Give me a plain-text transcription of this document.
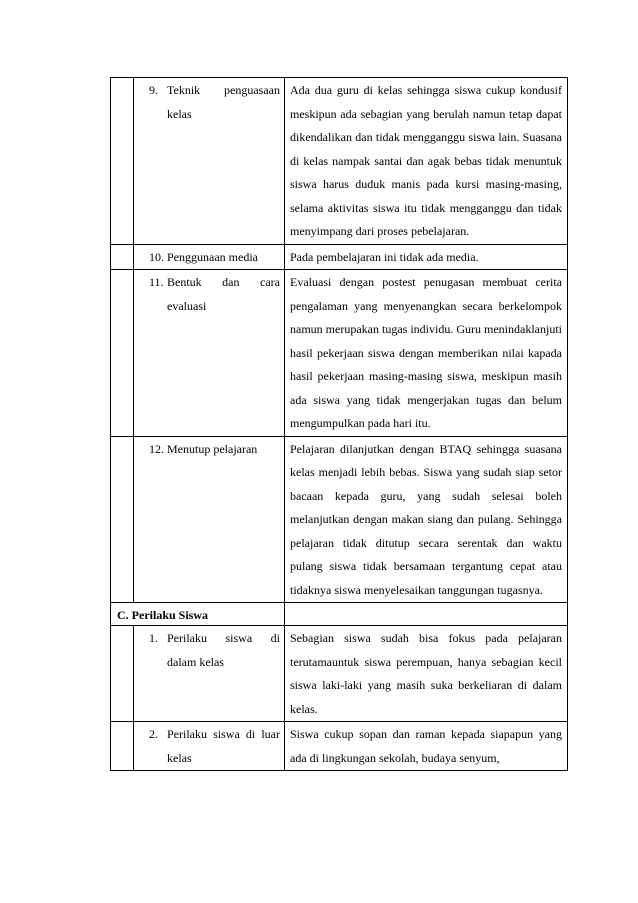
	9. Teknik penguasaan kelas	Ada dua guru di kelas sehingga siswa cukup kondusif meskipun ada sebagian yang berulah namun tetap dapat dikendalikan dan tidak mengganggu siswa lain. Suasana di kelas nampak santai dan agak bebas tidak menuntuk siswa harus duduk manis pada kursi masing-masing, selama aktivitas siswa itu tidak mengganggu dan tidak menyimpang dari proses pebelajaran.

	10. Penggunaan media	Pada pembelajaran ini tidak ada media.

	11. Bentuk dan cara evaluasi	Evaluasi dengan postest penugasan membuat cerita pengalaman yang menyenangkan secara berkelompok namun merupakan tugas individu. Guru menindaklanjuti hasil pekerjaan siswa dengan memberikan nilai kapada hasil pekerjaan masing-masing siswa, meskipun masih ada siswa yang tidak mengerjakan tugas dan belum mengumpulkan pada hari itu.

	12. Menutup pelajaran	Pelajaran dilanjutkan dengan BTAQ sehingga suasana kelas menjadi lebih bebas. Siswa yang sudah siap setor bacaan kepada guru, yang sudah selesai boleh melanjutkan dengan makan siang dan pulang. Sehingga pelajaran tidak ditutup secara serentak dan waktu pulang siswa tidak bersamaan tergantung cepat atau tidaknya siswa menyelesaikan tanggungan tugasnya.

C. Perilaku Siswa		

	1. Perilaku siswa di dalam kelas	Sebagian siswa sudah bisa fokus pada pelajaran terutamauntuk siswa perempuan, hanya sebagian kecil siswa laki-laki yang masih suka berkeliaran di dalam kelas.

	2. Perilaku siswa di luar kelas	Siswa cukup sopan dan raman kepada siapapun yang ada di lingkungan sekolah, budaya senyum,
